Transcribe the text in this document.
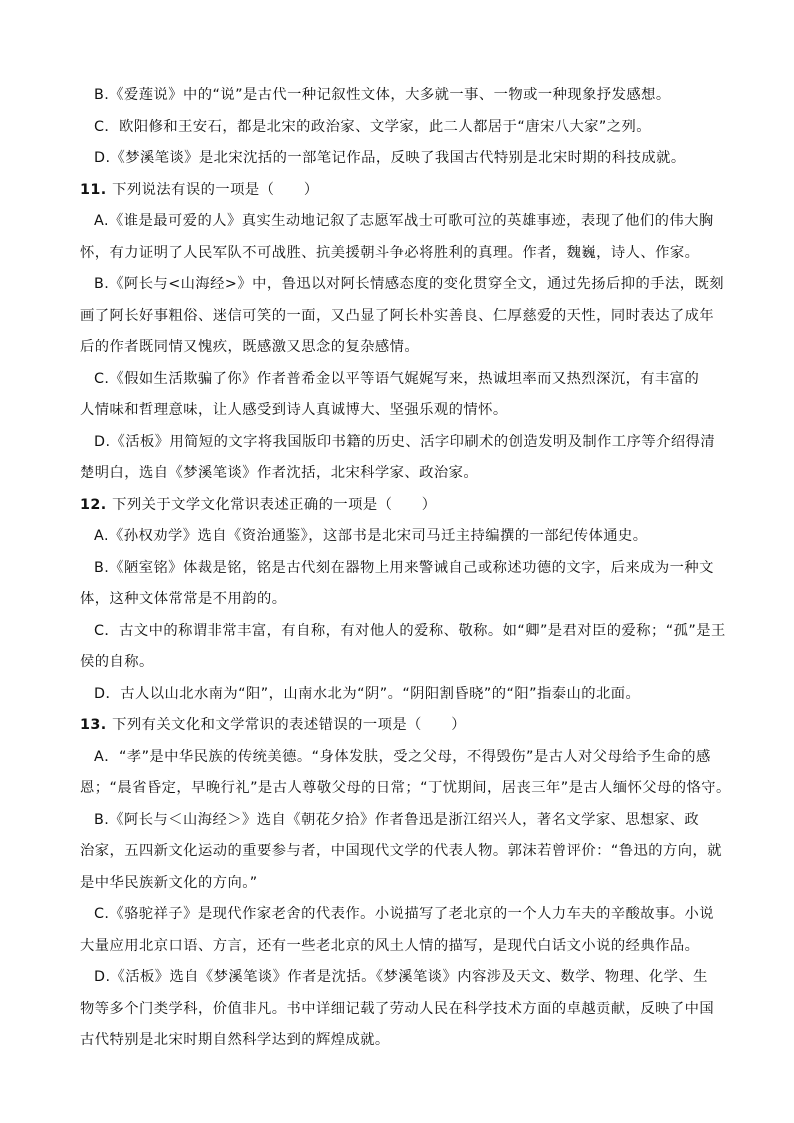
B.《爱莲说》中的“说”是古代一种记叙性文体，大多就一事、一物或一种现象抒发感想。
C．欧阳修和王安石，都是北宋的政治家、文学家，此二人都居于“唐宋八大家”之列。
D.《梦溪笔谈》是北宋沈括的一部笔记作品，反映了我国古代特别是北宋时期的科技成就。
11. 下列说法有误的一项是（　　）
A.《谁是最可爱的人》真实生动地记叙了志愿军战士可歌可泣的英雄事迹，表现了他们的伟大胸
怀，有力证明了人民军队不可战胜、抗美援朝斗争必将胜利的真理。作者，魏巍，诗人、作家。
B.《阿长与<山海经>》中，鲁迅以对阿长情感态度的变化贯穿全文，通过先扬后抑的手法，既刻
画了阿长好事粗俗、迷信可笑的一面，又凸显了阿长朴实善良、仁厚慈爱的天性，同时表达了成年
后的作者既同情又愧疚，既感激又思念的复杂感情。
C.《假如生活欺骗了你》作者普希金以平等语气娓娓写来，热诚坦率而又热烈深沉，有丰富的
人情味和哲理意味，让人感受到诗人真诚博大、坚强乐观的情怀。
D.《活板》用简短的文字将我国版印书籍的历史、活字印刷术的创造发明及制作工序等介绍得清
楚明白，选自《梦溪笔谈》作者沈括，北宋科学家、政治家。
12. 下列关于文学文化常识表述正确的一项是（　　）
A.《孙权劝学》选自《资治通鉴》，这部书是北宋司马迁主持编撰的一部纪传体通史。
B.《陋室铭》体裁是铭，铭是古代刻在器物上用来警诫自己或称述功德的文字，后来成为一种文
体，这种文体常常是不用韵的。
C．古文中的称谓非常丰富，有自称，有对他人的爱称、敬称。如“卿”是君对臣的爱称；“孤”是王
侯的自称。
D．古人以山北水南为“阳”，山南水北为“阴”。“阴阳割昏晓”的“阳”指泰山的北面。
13. 下列有关文化和文学常识的表述错误的一项是（　　）
A．“孝”是中华民族的传统美德。“身体发肤，受之父母，不得毁伤”是古人对父母给予生命的感
恩；“晨省昏定，早晚行礼”是古人尊敬父母的日常；“丁忧期间，居丧三年”是古人缅怀父母的恪守。
B.《阿长与＜山海经＞》选自《朝花夕拾》作者鲁迅是浙江绍兴人，著名文学家、思想家、政
治家，五四新文化运动的重要参与者，中国现代文学的代表人物。郭沫若曾评价：“鲁迅的方向，就
是中华民族新文化的方向。”
C.《骆驼祥子》是现代作家老舍的代表作。小说描写了老北京的一个人力车夫的辛酸故事。小说
大量应用北京口语、方言，还有一些老北京的风土人情的描写，是现代白话文小说的经典作品。
D.《活板》选自《梦溪笔谈》作者是沈括。《梦溪笔谈》内容涉及天文、数学、物理、化学、生
物等多个门类学科，价值非凡。书中详细记载了劳动人民在科学技术方面的卓越贡献，反映了中国
古代特别是北宋时期自然科学达到的辉煌成就。
